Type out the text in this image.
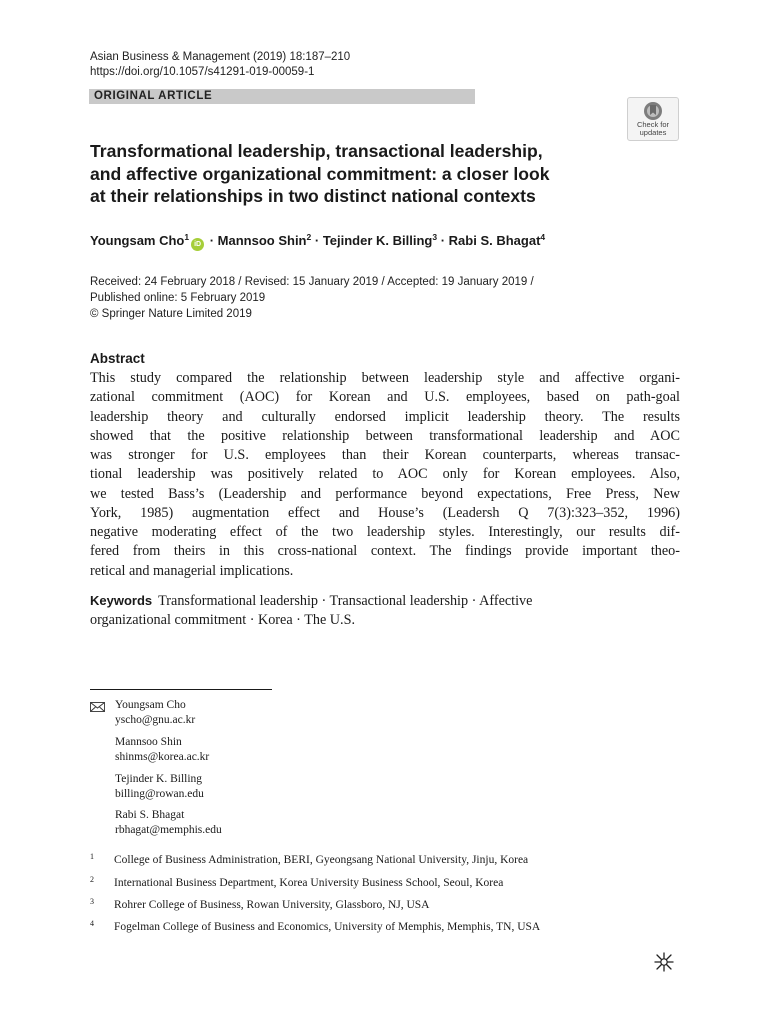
Asian Business & Management (2019) 18:187–210
https://doi.org/10.1057/s41291-019-00059-1
ORIGINAL ARTICLE
Check for
updates
Transformational leadership, transactional leadership,
and affective organizational commitment: a closer look
at their relationships in two distinct national contexts
Youngsam Cho$^1$iD · Mannsoo Shin$^2$ · Tejinder K. Billing$^3$ · Rabi S. Bhagat$^4$
Received: 24 February 2018 / Revised: 15 January 2019 / Accepted: 19 January 2019 /
Published online: 5 February 2019
© Springer Nature Limited 2019
Abstract
This study compared the relationship between leadership style and affective organi-
zational commitment (AOC) for Korean and U.S. employees, based on path-goal
leadership theory and culturally endorsed implicit leadership theory. The results
showed that the positive relationship between transformational leadership and AOC
was stronger for U.S. employees than their Korean counterparts, whereas transac-
tional leadership was positively related to AOC only for Korean employees. Also,
we tested Bass’s (Leadership and performance beyond expectations, Free Press, New
York, 1985) augmentation effect and House’s (Leadersh Q 7(3):323–352, 1996)
negative moderating effect of the two leadership styles. Interestingly, our results dif-
fered from theirs in this cross-national context. The findings provide important theo-
retical and managerial implications.
Keywords Transformational leadership · Transactional leadership · Affective
organizational commitment · Korea · The U.S.
Youngsam Cho
yscho@gnu.ac.kr
Mannsoo Shin
shinms@korea.ac.kr
Tejinder K. Billing
billing@rowan.edu
Rabi S. Bhagat
rbhagat@memphis.edu
1 College of Business Administration, BERI, Gyeongsang National University, Jinju, Korea
2 International Business Department, Korea University Business School, Seoul, Korea
3 Rohrer College of Business, Rowan University, Glassboro, NJ, USA
4 Fogelman College of Business and Economics, University of Memphis, Memphis, TN, USA
